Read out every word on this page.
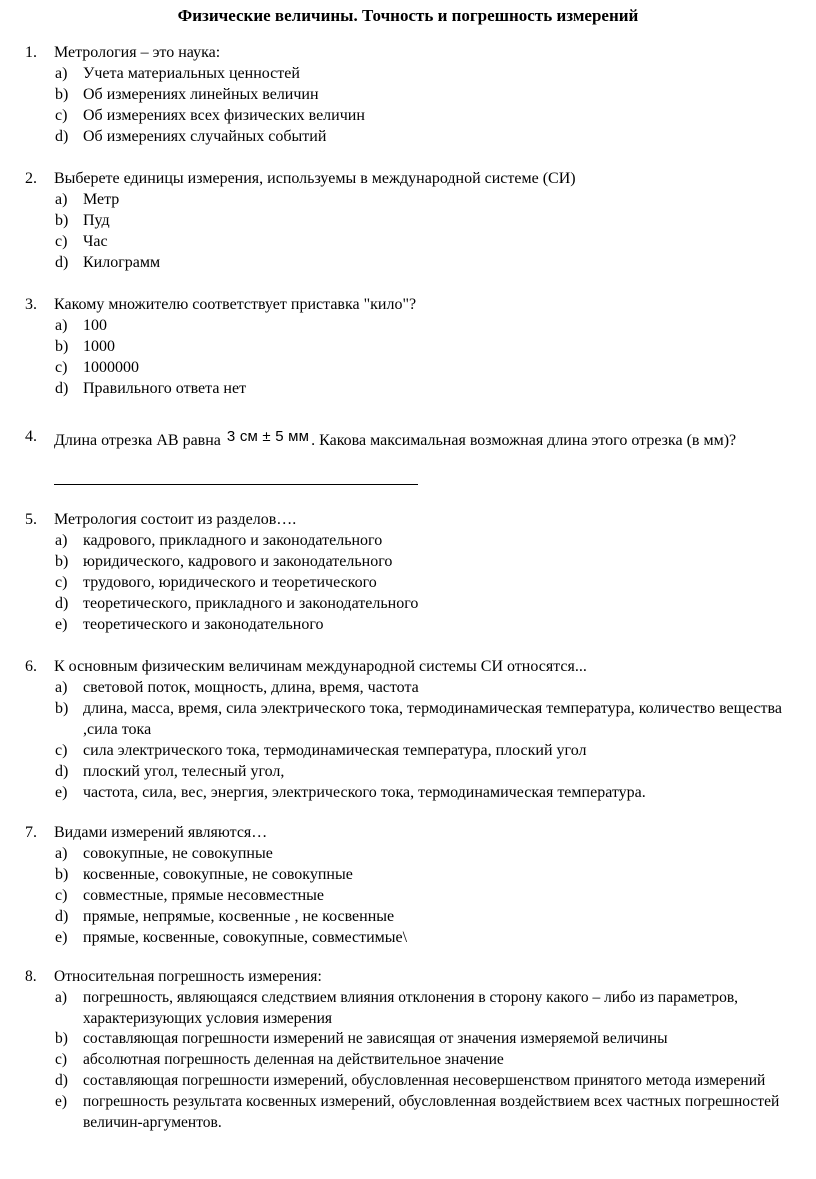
Физические величины. Точность и погрешность измерений
1. Метрология – это наука:
a) Учета материальных ценностей
b) Об измерениях линейных величин
c) Об измерениях всех физических величин
d) Об измерениях случайных событий
2. Выберете единицы измерения, используемы в международной системе (СИ)
a) Метр
b) Пуд
c) Час
d) Килограмм
3. Какому множителю соответствует приставка "кило"?
a) 100
b) 1000
c) 1000000
d) Правильного ответа нет
4. Длина отрезка АВ равна 3 см ± 5 мм . Какова максимальная возможная длина этого отрезка (в мм)?
5. Метрология состоит из разделов….
a) кадрового, прикладного и законодательного
b) юридического, кадрового и законодательного
c) трудового, юридического и теоретического
d) теоретического, прикладного и законодательного
e) теоретического и законодательного
6. К основным физическим величинам международной системы СИ относятся...
a) световой поток, мощность, длина, время, частота
b) длина, масса, время, сила электрического тока, термодинамическая температура, количество вещества ,сила тока
c) сила электрического тока, термодинамическая температура, плоский угол
d) плоский угол, телесный угол,
e) частота, сила, вес, энергия, электрического тока, термодинамическая температура.
7. Видами измерений являются…
a) совокупные, не совокупные
b) косвенные, совокупные, не совокупные
c) совместные, прямые несовместные
d) прямые, непрямые, косвенные , не косвенные
e) прямые, косвенные, совокупные, совместимые\
8. Относительная погрешность измерения:
a) погрешность, являющаяся следствием влияния отклонения в сторону какого – либо из параметров, характеризующих условия измерения
b) составляющая погрешности измерений не зависящая от значения измеряемой величины
c) абсолютная погрешность деленная на действительное значение
d) составляющая погрешности измерений, обусловленная несовершенством принятого метода измерений
e) погрешность результата косвенных измерений, обусловленная воздействием всех частных погрешностей величин-аргументов.
